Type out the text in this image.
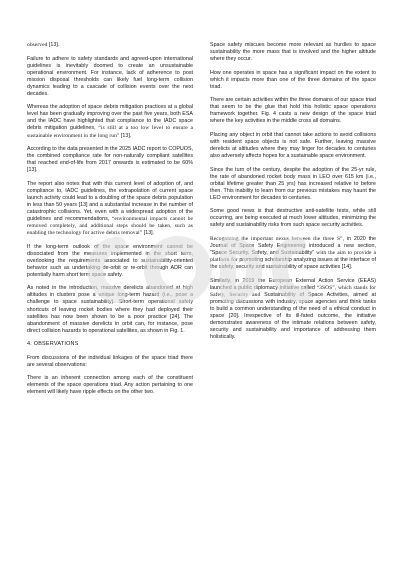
observed [13].

Failure to adhere to safety standards and agreed-upon international guidelines is inevitably doomed to create an unsustainable operational environment. For instance, lack of adherence to post mission disposal thresholds can likely fuel long-term collision dynamics leading to a cascade of collision events over the next decades.

Whereas the adoption of space debris mitigation practices at a global level has been gradually improving over the past five years, both ESA and the IADC have highlighted that compliance to the IADC space debris mitigation guidelines, “is still at a too low level to ensure a sustainable environment in the long run” [13].

According to the data presented in the 2025 IADC report to COPUOS, the combined compliance rate for non-naturally compliant satellites that reached end-of-life from 2017 onwards is estimated to be 60% [13].

The report also notes that with this current level of adoption of, and compliance to, IADC guidelines, the extrapolation of current space launch activity could lead to a doubling of the space debris population in less than 50 years [13] and a substantial increase in the number of catastrophic collisions. Yet, even with a widespread adoption of the guidelines and recommendations, “environmental impacts cannot be removed completely, and additional steps should be taken, such as enabling the technology for active debris removal” [13].

If the long-term outlook of the space environment cannot be dissociated from the measures implemented in the short term, overlooking the requirements associated to sustainability-oriented behavior such as undertaking de-orbit or re-orbit through ADR can potentially harm short term space safety.

As noted in the introduction, massive derelicts abandoned at high altitudes in clusters pose a unique long-term hazard (i.e., pose a challenge to space sustainability). Short-term operational safety shortcuts of leaving rocket bodies where they had deployed their satellites has now been shown to be a poor practice [24]. The abandonment of massive derelicts in orbit can, for instance, pose direct collision hazards to operational satellites, as shown in Fig. 1.

4. OBSERVATIONS

From discussions of the individual linkages of the space triad there are several observations:

There is an inherent connection among each of the constituent elements of the space operations triad. Any action pertaining to one element will likely have ripple effects on the other two.

Space safety miscues become more relevant as hurdles to space sustainability the more mass that is involved and the higher altitude where they occur.

How one operates in space has a significant impact on the extent to which it impacts more than one of the three domains of the space triad.

There are certain activities within the three domains of our space triad that seem to be the glue that hold this holistic space operations framework together. Fig. 4 casts a new design of the space triad where the key activities in the middle cross all domains.

Placing any object in orbit that cannot take actions to avoid collisions with resident space objects is not safe. Further, leaving massive derelicts at altitudes where they may linger for decades to centuries also adversely affects hopes for a sustainable space environment.

Since the turn of the century, despite the adoption of the 25-yr rule, the rate of abandoned rocket body mass in LEO over 615 km (i.e., orbital lifetime greater than 25 yrs) has increased relative to before then. This inability to learn from our previous mistakes may haunt the LEO environment for decades to centuries.

Some good news is that destructive anti-satellite tests, while still occurring, are being executed at much lower altitudes, minimizing the safety and sustainability risks from such space security activities.

Recognizing the important nexus between the three S”, in 2020 the Journal of Space Safety Engineering introduced a new section, “Space Security, Safety, and Sustainability” with the aim to provide a platform for promoting scholarship analyzing issues at the interface of the safety, security and sustainability of space activities [14].

Similarly, in 2019 the European External Action Service (EEAS) launched a public diplomacy initiative called “3SOS”, which stands for Safety, Security and Sustainability of Space Activities, aimed at promoting discussions with industry, space agencies and think tanks to build a common understanding of the need of a ethical conduct in space [20]. Irrespective of its ill-fated outcome, the initiative demonstrates awareness of the intimate relations between safety, security and sustainability and importance of addressing them holistically.
